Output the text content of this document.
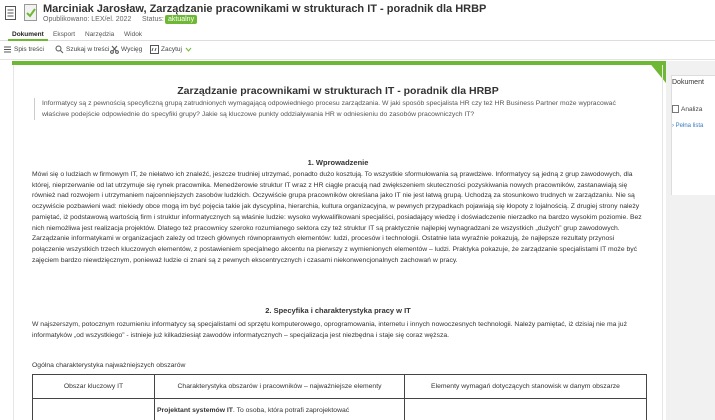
Marciniak Jarosław, Zarządzanie pracownikami w strukturach IT - poradnik dla HRBP
Opublikowano: LEX/el. 2022 Status: aktualny
Dokument	Eksport	Narzędzia	Widok
Spis treści	Szukaj w treści Wycięg	Zacytuj
Zarządzanie pracownikami w strukturach IT - poradnik dla HRBP
Informatycy są z pewnością specyficzną grupą zatrudnionych wymagającą odpowiedniego procesu zarządzania. W jaki sposób specjalista HR czy też HR Business Partner może wypracować właściwe podejście odpowiednie do specyfiki grupy? Jakie są kluczowe punkty oddziaływania HR w odniesieniu do zasobów pracowniczych IT?
1. Wprowadzenie
Mówi się o ludziach w firmowym IT, że niełatwo ich znaleźć, jeszcze trudniej utrzymać, ponadto dużo kosztują. To wszystkie sformułowania są prawdziwe. Informatycy są jedną z grup zawodowych, dla której, nieprzerwanie od lat utrzymuje się rynek pracownika. Menedżerowie struktur IT wraz z HR ciągle pracują nad zwiększeniem skuteczności pozyskiwania nowych pracowników, zastanawiają się również nad rozwojem i utrzymaniem najcenniejszych zasobów ludzkich. Oczywiście grupa pracowników określana jako IT nie jest łatwą grupą. Uchodzą za stosunkowo trudnych w zarządzaniu. Nie są oczywiście pozbawieni wad: niekiedy obce mogą im być pojęcia takie jak dyscyplina, hierarchia, kultura organizacyjna, w pewnych przypadkach pojawiają się kłopoty z lojalnością. Z drugiej strony należy pamiętać, iż podstawową wartością firm i struktur informatycznych są właśnie ludzie: wysoko wykwalifikowani specjaliści, posiadający wiedzę i doświadczenie nierzadko na bardzo wysokim poziomie. Bez nich niemożliwa jest realizacja projektów. Dlatego też pracownicy szeroko rozumianego sektora czy też struktur IT są praktycznie najlepiej wynagradzani ze wszystkich „dużych” grup zawodowych. Zarządzanie informatykami w organizacjach zależy od trzech głównych równoprawnych elementów: ludzi, procesów i technologii. Ostatnie lata wyraźnie pokazują, że najlepsze rezultaty przynosi połączenie wszystkich trzech kluczowych elementów, z postawieniem specjalnego akcentu na pierwszy z wymienionych elementów – ludzi. Praktyka pokazuje, że zarządzanie specjalistami IT może być zajęciem bardzo niewdzięcznym, ponieważ ludzie ci znani są z pewnych ekscentrycznych i czasami niekonwencjonalnych zachowań w pracy.
2. Specyfika i charakterystyka pracy w IT
W najszerszym, potocznym rozumieniu informatycy są specjalistami od sprzętu komputerowego, oprogramowania, internetu i innych nowoczesnych technologii. Należy pamiętać, iż dzisiaj nie ma już informatyków „od wszystkiego” - istnieje już kilkadziesiąt zawodów informatycznych – specjalizacja jest niezbędna i staje się coraz węższa.
Ogólna charakterystyka najważniejszych obszarów
Obszar kluczowy IT	Charakterystyka obszarów i pracowników – najważniejsze elementy	Elementy wymagań dotyczących stanowisk w danym obszarze
	Projektant systemów IT. To osoba, która potrafi zaprojektować	
Dokument
Analiza
› Pełna lista
